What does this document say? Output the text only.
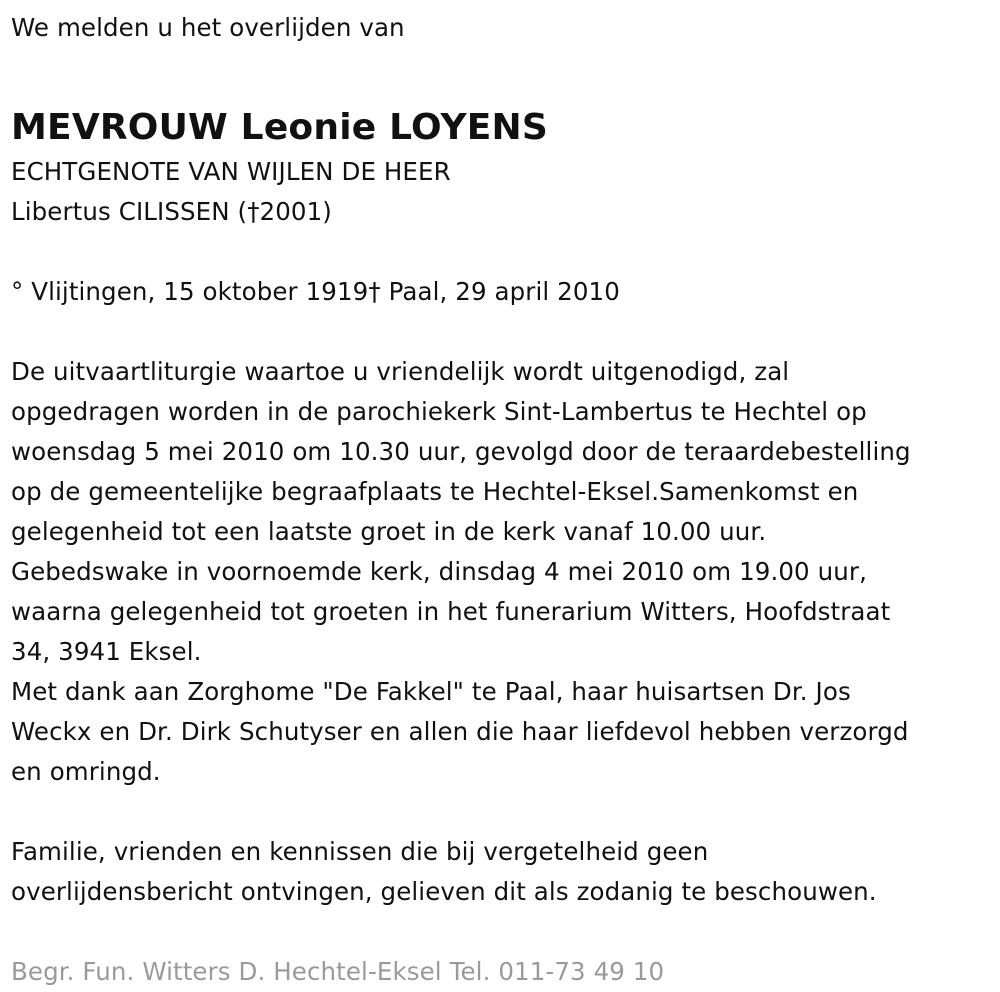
We melden u het overlijden van
MEVROUW Leonie LOYENS
ECHTGENOTE VAN WIJLEN DE HEER
Libertus CILISSEN (†2001)
° Vlijtingen, 15 oktober 1919† Paal, 29 april 2010
De uitvaartliturgie waartoe u vriendelijk wordt uitgenodigd, zal
opgedragen worden in de parochiekerk Sint-Lambertus te Hechtel op
woensdag 5 mei 2010 om 10.30 uur, gevolgd door de teraardebestelling
op de gemeentelijke begraafplaats te Hechtel-Eksel.Samenkomst en
gelegenheid tot een laatste groet in de kerk vanaf 10.00 uur.
Gebedswake in voornoemde kerk, dinsdag 4 mei 2010 om 19.00 uur,
waarna gelegenheid tot groeten in het funerarium Witters, Hoofdstraat
34, 3941 Eksel.
Met dank aan Zorghome "De Fakkel" te Paal, haar huisartsen Dr. Jos
Weckx en Dr. Dirk Schutyser en allen die haar liefdevol hebben verzorgd
en omringd.
Familie, vrienden en kennissen die bij vergetelheid geen
overlijdensbericht ontvingen, gelieven dit als zodanig te beschouwen.
Begr. Fun. Witters D. Hechtel-Eksel Tel. 011-73 49 10
